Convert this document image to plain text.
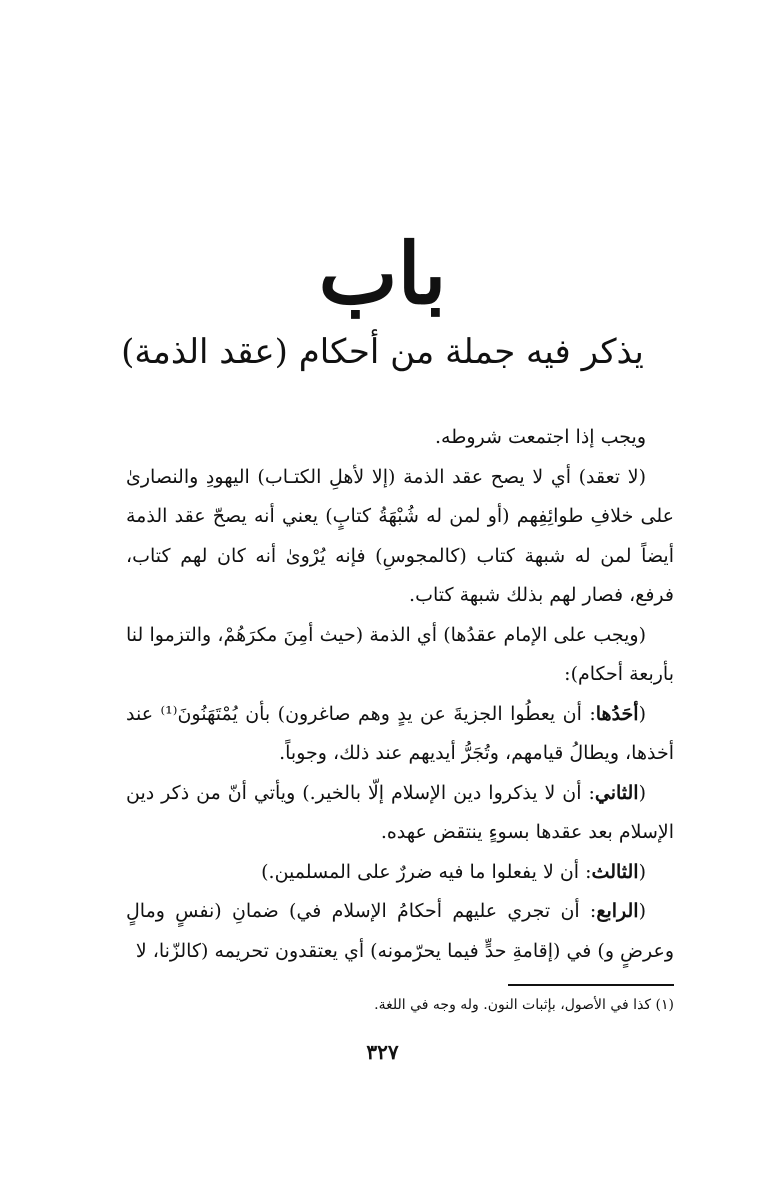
باب
يذكر فيه جملة من أحكام (عقد الذمة)

ويجب إذا اجتمعت شروطه.

(لا تعقد) أي لا يصح عقد الذمة (إلا لأهلِ الكتـاب) اليهودِ والنصارىٰ على خلافِ طوائِفِهم (أو لمن له شُبْهَةُ كتابٍ) يعني أنه يصحّ عقد الذمة أيضاً لمن له شبهة كتاب (كالمجوسِ) فإنه يُرْوىٰ أنه كان لهم كتاب، فرفع، فصار لهم بذلك شبهة كتاب.

(ويجب على الإمام عقدُها) أي الذمة (حيث أمِنَ مكرَهُمْ، والتزموا لنا بأربعة أحكام):

(أحَدُها: أن يعطُوا الجزيةَ عن يدٍ وهم صاغرون) بأن يُمْتَهَنُونَ⁽¹⁾ عند أخذها، ويطالُ قيامهم، وتُجَرُّ أيديهم عند ذلك، وجوباً.

(الثاني: أن لا يذكروا دين الإسلام إلّا بالخير.) ويأتي أنّ من ذكر دين الإسلام بعد عقدها بسوءٍ ينتقض عهده.

(الثالث: أن لا يفعلوا ما فيه ضررٌ على المسلمين.)

(الرابع: أن تجري عليهم أحكامُ الإسلام في) ضمانِ (نفسٍ ومالٍ وعرضٍ و) في (إقامةِ حدٍّ فيما يحرّمونه) أي يعتقدون تحريمه (كالزّنا، لا

(١) كذا في الأصول، بإثبات النون. وله وجه في اللغة.
٣٢٧
